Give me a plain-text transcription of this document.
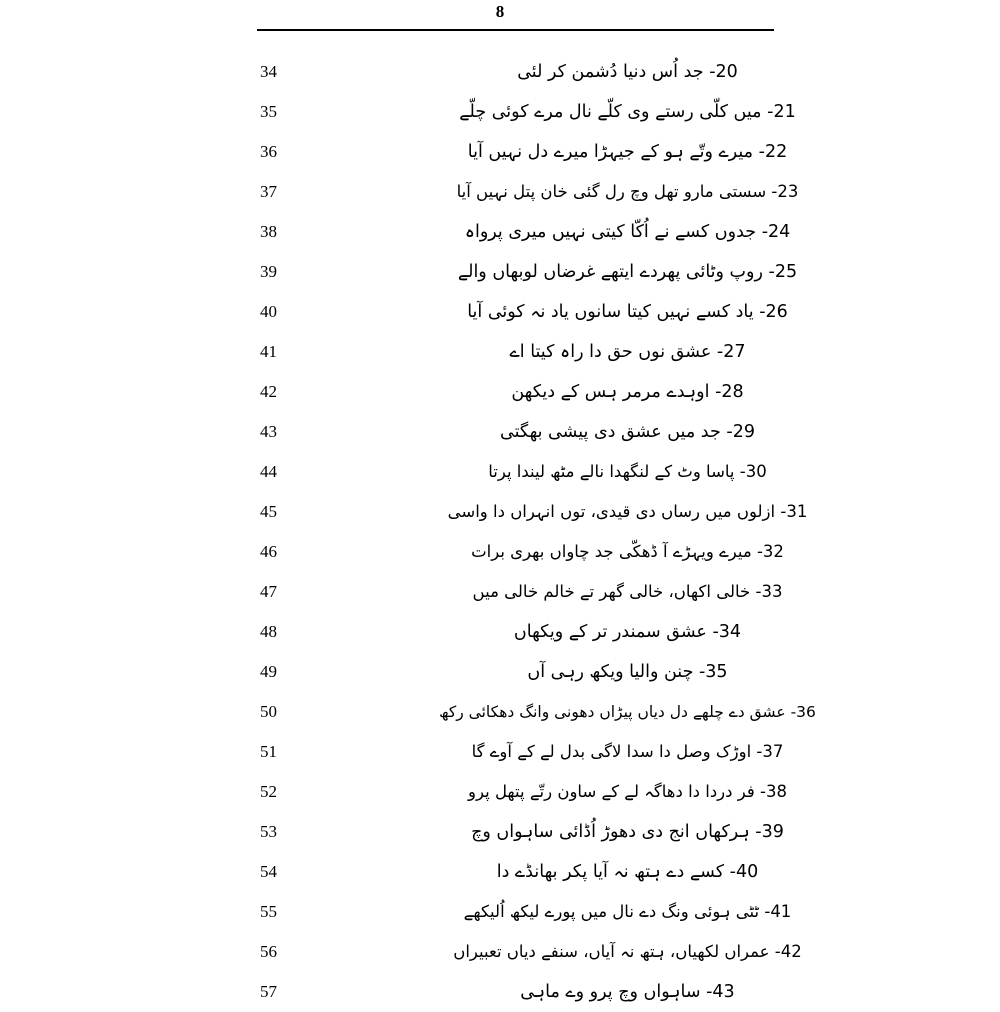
8
34	20- جد اُس دنیا دُشمن کر لئی
35	21- میں کلّی رستے وی کلّے نال مرے کوئی چلّے
36	22- میرے وتّے ہو کے جیہڑا میرے دل نہیں آیا
37	23- سستی مارو تھل وچ رل گئی خان پتل نہیں آیا
38	24- جدوں کسے نے اُکّا کیتی نہیں میری پرواہ
39	25- روپ وٹائی پھردے ایتھے غرضاں لوبھاں والے
40	26- یاد کسے نہیں کیتا سانوں یاد نہ کوئی آیا
41	27- عشق نوں حق دا راہ کیتا اے
42	28- اوہدے مرمر ہس کے دیکھن
43	29- جد میں عشق دی پیشی بھگتی
44	30- پاسا وٹ کے لنگھدا نالے مٹھ لیندا پرتا
45	31- ازلوں میں رساں دی قیدی، توں انہراں دا واسی
46	32- میرے ویہڑے آ ڈھکّی جد چاواں بھری برات
47	33- خالی اکھاں، خالی گھر تے خالم خالی میں
48	34- عشق سمندر تر کے ویکھاں
49	35- چنن والیا ویکھ رہی آں
50	36- عشق دے چلھے دل دیاں پیڑاں دھونی وانگ دھکائی رکھ
51	37- اوڑک وصل دا سدا لاگی بدل لے کے آوے گا
52	38- فر دردا دا دھاگہ لے کے ساون رتّے پتھل پرو
53	39- ہرکھاں انج دی دھوڑ اُڈائی ساہواں وچ
54	40- کسے دے ہتھ نہ آیا پکر بھانڈے دا
55	41- ٹٹی ہوئی ونگ دے نال میں پورے لیکھ اُلیکھے
56	42- عمراں لکھیاں، ہتھ نہ آیاں، سنفے دیاں تعبیراں
57	43- ساہواں وچ پرو وے ماہی
